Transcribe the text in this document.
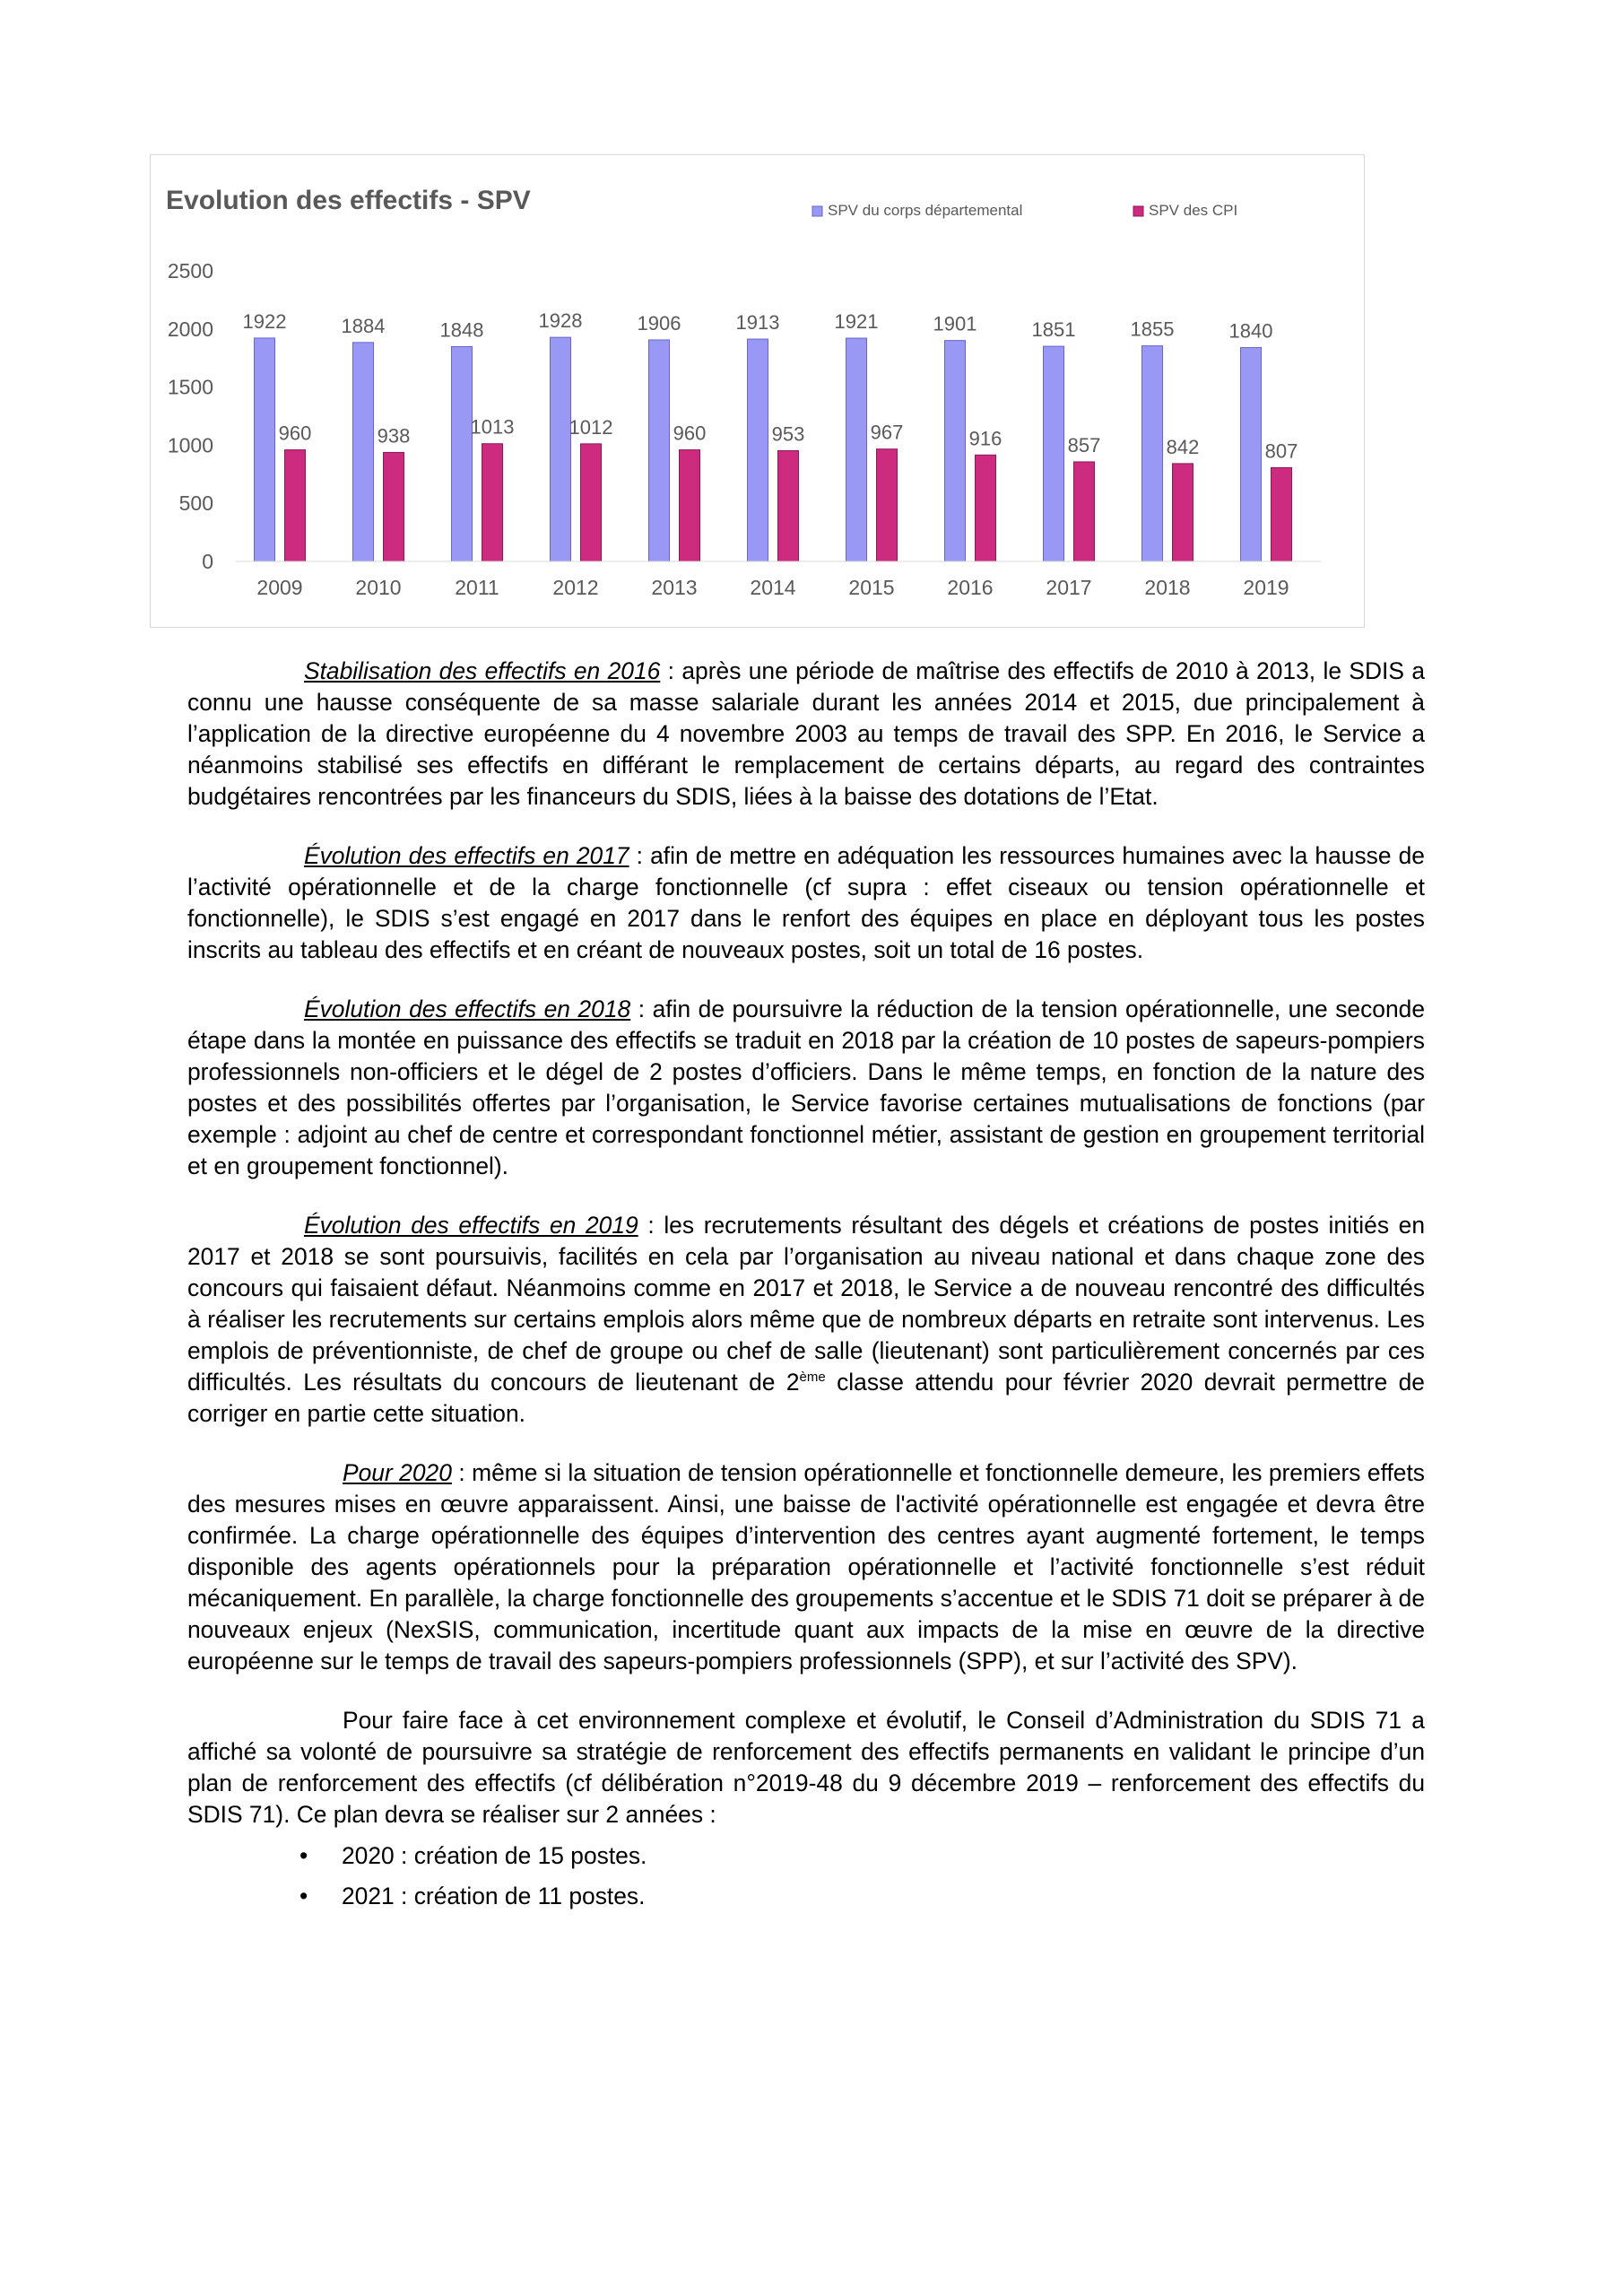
Evolution des effectifs - SPV	SPV du corps départemental	SPV des CPI
2500
2000
1500
1000
500
0
1922
960
1884
938
1848
1013
1928
1012
1906
960
1913
953
1921
967
1901
916
1851
857
1855
842
1840
807
2009	2010	2011	2012	2013	2014	2015	2016	2017	2018	2019

Stabilisation des effectifs en 2016 : après une période de maîtrise des effectifs de 2010 à 2013, le SDIS a connu une hausse conséquente de sa masse salariale durant les années 2014 et 2015, due principalement à l’application de la directive européenne du 4 novembre 2003 au temps de travail des SPP. En 2016, le Service a néanmoins stabilisé ses effectifs en différant le remplacement de certains départs, au regard des contraintes budgétaires rencontrées par les financeurs du SDIS, liées à la baisse des dotations de l’Etat.

Évolution des effectifs en 2017 : afin de mettre en adéquation les ressources humaines avec la hausse de l’activité opérationnelle et de la charge fonctionnelle (cf supra : effet ciseaux ou tension opérationnelle et fonctionnelle), le SDIS s’est engagé en 2017 dans le renfort des équipes en place en déployant tous les postes inscrits au tableau des effectifs et en créant de nouveaux postes, soit un total de 16 postes.

Évolution des effectifs en 2018 : afin de poursuivre la réduction de la tension opérationnelle, une seconde étape dans la montée en puissance des effectifs se traduit en 2018 par la création de 10 postes de sapeurs-pompiers professionnels non-officiers et le dégel de 2 postes d’officiers. Dans le même temps, en fonction de la nature des postes et des possibilités offertes par l’organisation, le Service favorise certaines mutualisations de fonctions (par exemple : adjoint au chef de centre et correspondant fonctionnel métier, assistant de gestion en groupement territorial et en groupement fonctionnel).

Évolution des effectifs en 2019 : les recrutements résultant des dégels et créations de postes initiés en 2017 et 2018 se sont poursuivis, facilités en cela par l’organisation au niveau national et dans chaque zone des concours qui faisaient défaut. Néanmoins comme en 2017 et 2018, le Service a de nouveau rencontré des difficultés à réaliser les recrutements sur certains emplois alors même que de nombreux départs en retraite sont intervenus. Les emplois de préventionniste, de chef de groupe ou chef de salle (lieutenant) sont particulièrement concernés par ces difficultés. Les résultats du concours de lieutenant de 2ème classe attendu pour février 2020 devrait permettre de corriger en partie cette situation.

Pour 2020 : même si la situation de tension opérationnelle et fonctionnelle demeure, les premiers effets des mesures mises en œuvre apparaissent. Ainsi, une baisse de l'activité opérationnelle est engagée et devra être confirmée. La charge opérationnelle des équipes d’intervention des centres ayant augmenté fortement, le temps disponible des agents opérationnels pour la préparation opérationnelle et l’activité fonctionnelle s’est réduit mécaniquement. En parallèle, la charge fonctionnelle des groupements s’accentue et le SDIS 71 doit se préparer à de nouveaux enjeux (NexSIS, communication, incertitude quant aux impacts de la mise en œuvre de la directive européenne sur le temps de travail des sapeurs-pompiers professionnels (SPP), et sur l’activité des SPV).

Pour faire face à cet environnement complexe et évolutif, le Conseil d’Administration du SDIS 71 a affiché sa volonté de poursuivre sa stratégie de renforcement des effectifs permanents en validant le principe d’un plan de renforcement des effectifs (cf délibération n°2019-48 du 9 décembre 2019 – renforcement des effectifs du SDIS 71). Ce plan devra se réaliser sur 2 années :

• 2020 : création de 15 postes.
• 2021 : création de 11 postes.
